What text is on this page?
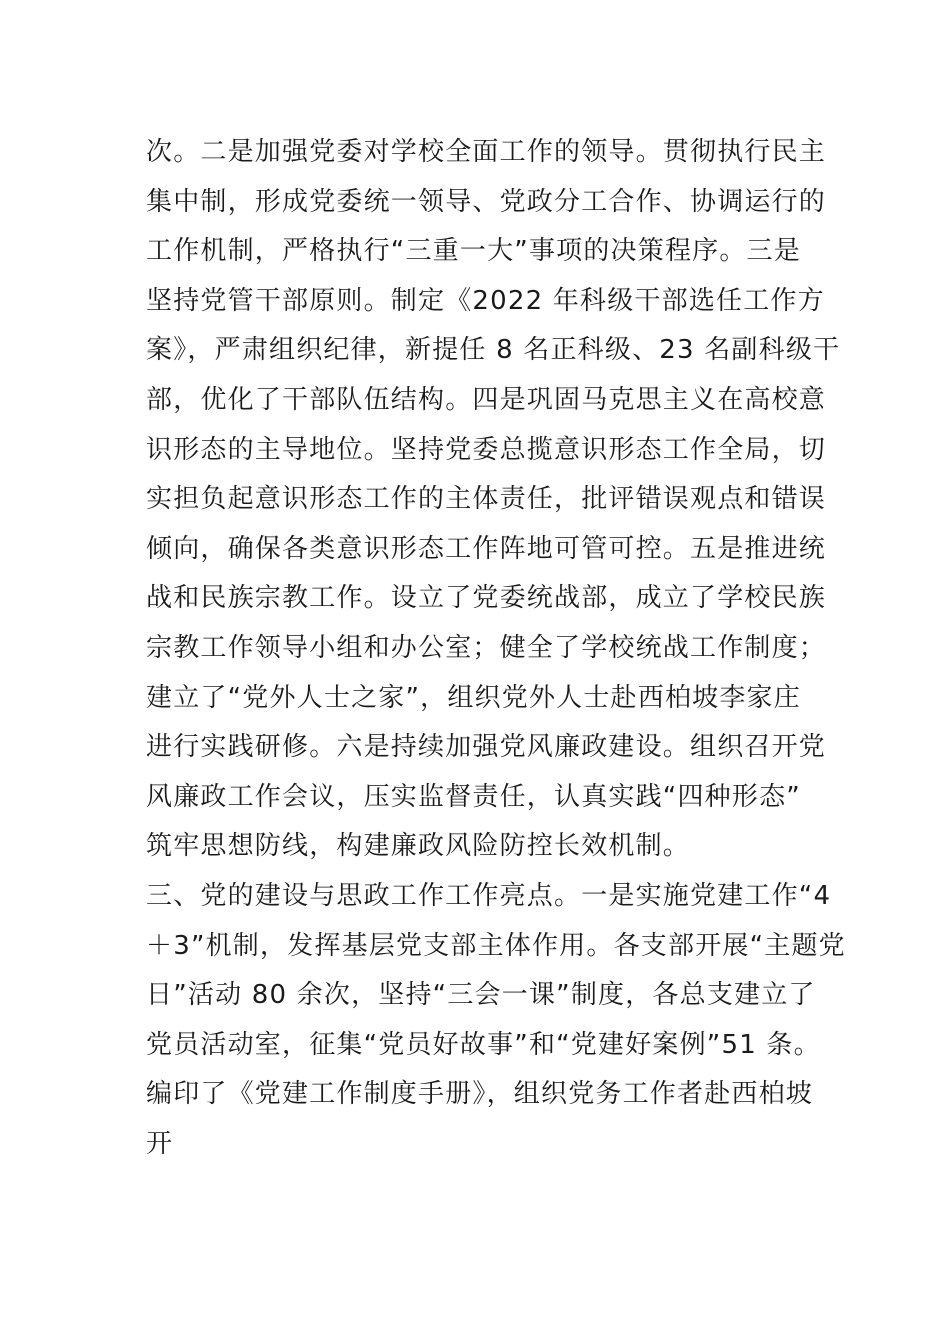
次。二是加强党委对学校全面工作的领导。贯彻执行民主
集中制，形成党委统一领导、党政分工合作、协调运行的
工作机制，严格执行“三重一大”事项的决策程序。三是
坚持党管干部原则。制定《2022 年科级干部选任工作方
案》，严肃组织纪律，新提任 8 名正科级、23 名副科级干
部，优化了干部队伍结构。四是巩固马克思主义在高校意
识形态的主导地位。坚持党委总揽意识形态工作全局，切
实担负起意识形态工作的主体责任，批评错误观点和错误
倾向，确保各类意识形态工作阵地可管可控。五是推进统
战和民族宗教工作。设立了党委统战部，成立了学校民族
宗教工作领导小组和办公室；健全了学校统战工作制度；
建立了“党外人士之家”，组织党外人士赴西柏坡李家庄
进行实践研修。六是持续加强党风廉政建设。组织召开党
风廉政工作会议，压实监督责任，认真实践“四种形态”
筑牢思想防线，构建廉政风险防控长效机制。
三、党的建设与思政工作工作亮点。一是实施党建工作“4
＋3”机制，发挥基层党支部主体作用。各支部开展“主题党
日”活动 80 余次，坚持“三会一课”制度，各总支建立了
党员活动室，征集“党员好故事”和“党建好案例”51 条。
编印了《党建工作制度手册》，组织党务工作者赴西柏坡
开
